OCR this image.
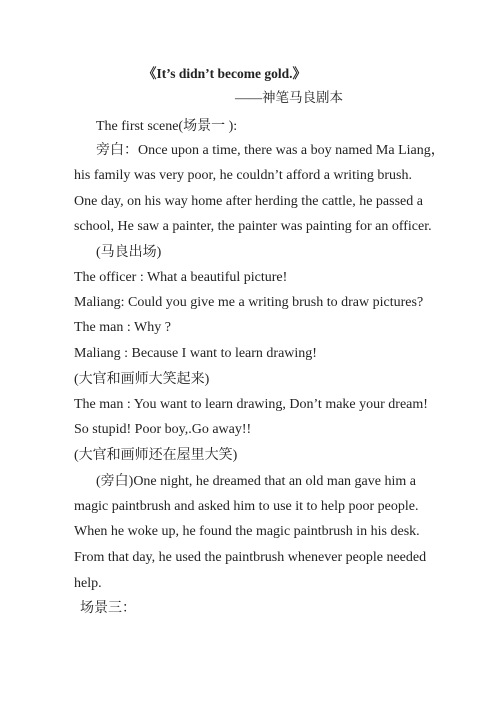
《It’s didn’t become gold.》
——神笔马良剧本
The first scene(场景一 ):
旁白：Once upon a time, there was a boy named Ma Liang，
his family was very poor, he couldn’t afford a writing brush.
One day, on his way home after herding the cattle, he passed a
school, He saw a painter, the painter was painting for an officer.
(马良出场)
The officer : What a beautiful picture!
Maliang: Could you give me a writing brush to draw pictures?
The man : Why ?
Maliang : Because I want to learn drawing!
(大官和画师大笑起来)
The man : You want to learn drawing, Don’t make your dream!
So stupid! Poor boy,.Go away!!
(大官和画师还在屋里大笑)
(旁白)One night, he dreamed that an old man gave him a
magic paintbrush and asked him to use it to help poor people.
When he woke up, he found the magic paintbrush in his desk.
From that day, he used the paintbrush whenever people needed
help.
场景三：
